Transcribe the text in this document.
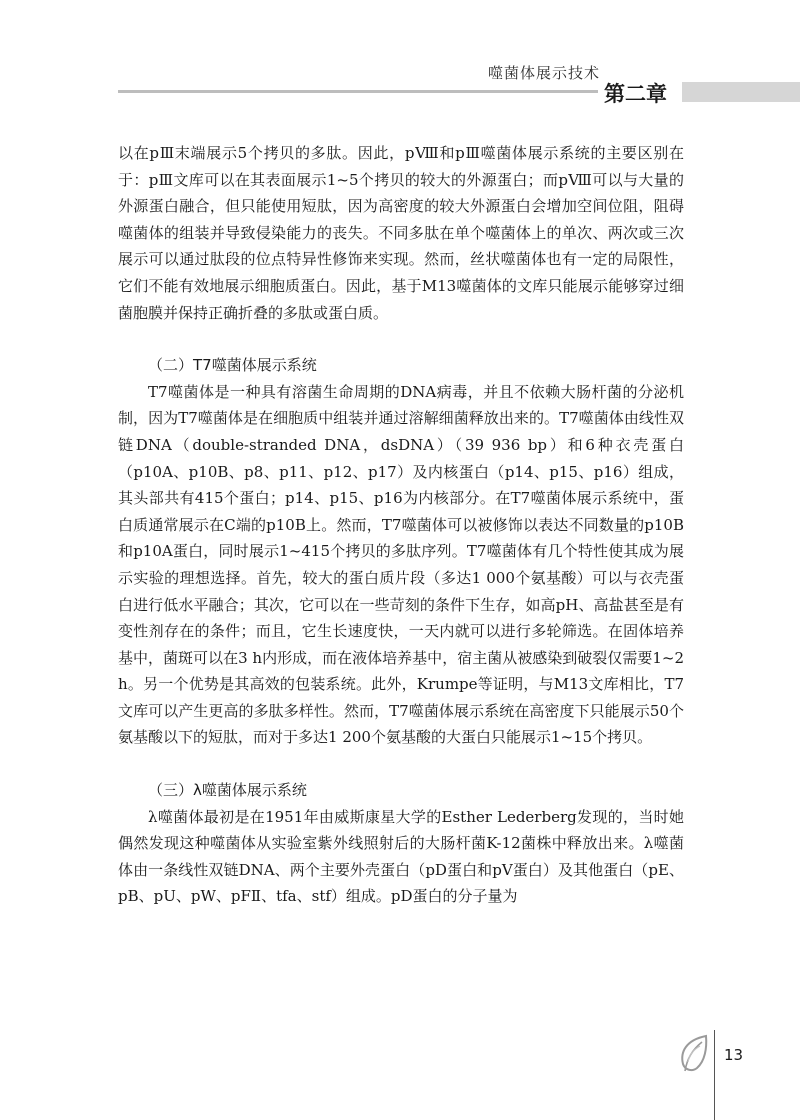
噬菌体展示技术
第二章

以在pⅢ末端展示5个拷贝的多肽。因此，pⅧ和pⅢ噬菌体展示系统的主要区别在于：pⅢ文库可以在其表面展示1~5个拷贝的较大的外源蛋白；而pⅧ可以与大量的外源蛋白融合，但只能使用短肽，因为高密度的较大外源蛋白会增加空间位阻，阻碍噬菌体的组装并导致侵染能力的丧失。不同多肽在单个噬菌体上的单次、两次或三次展示可以通过肽段的位点特异性修饰来实现。然而，丝状噬菌体也有一定的局限性，它们不能有效地展示细胞质蛋白。因此，基于M13噬菌体的文库只能展示能够穿过细菌胞膜并保持正确折叠的多肽或蛋白质。

（二）T7噬菌体展示系统

T7噬菌体是一种具有溶菌生命周期的DNA病毒，并且不依赖大肠杆菌的分泌机制，因为T7噬菌体是在细胞质中组装并通过溶解细菌释放出来的。T7噬菌体由线性双链DNA（double-stranded DNA，dsDNA）（39 936 bp）和6种衣壳蛋白（p10A、p10B、p8、p11、p12、p17）及内核蛋白（p14、p15、p16）组成，其头部共有415个蛋白；p14、p15、p16为内核部分。在T7噬菌体展示系统中，蛋白质通常展示在C端的p10B上。然而，T7噬菌体可以被修饰以表达不同数量的p10B和p10A蛋白，同时展示1~415个拷贝的多肽序列。T7噬菌体有几个特性使其成为展示实验的理想选择。首先，较大的蛋白质片段（多达1 000个氨基酸）可以与衣壳蛋白进行低水平融合；其次，它可以在一些苛刻的条件下生存，如高pH、高盐甚至是有变性剂存在的条件；而且，它生长速度快，一天内就可以进行多轮筛选。在固体培养基中，菌斑可以在3 h内形成，而在液体培养基中，宿主菌从被感染到破裂仅需要1~2 h。另一个优势是其高效的包装系统。此外，Krumpe等证明，与M13文库相比，T7文库可以产生更高的多肽多样性。然而，T7噬菌体展示系统在高密度下只能展示50个氨基酸以下的短肽，而对于多达1 200个氨基酸的大蛋白只能展示1~15个拷贝。

（三）λ噬菌体展示系统

λ噬菌体最初是在1951年由威斯康星大学的Esther Lederberg发现的，当时她偶然发现这种噬菌体从实验室紫外线照射后的大肠杆菌K-12菌株中释放出来。λ噬菌体由一条线性双链DNA、两个主要外壳蛋白（pD蛋白和pV蛋白）及其他蛋白（pE、pB、pU、pW、pFⅡ、tfa、stf）组成。pD蛋白的分子量为

13
